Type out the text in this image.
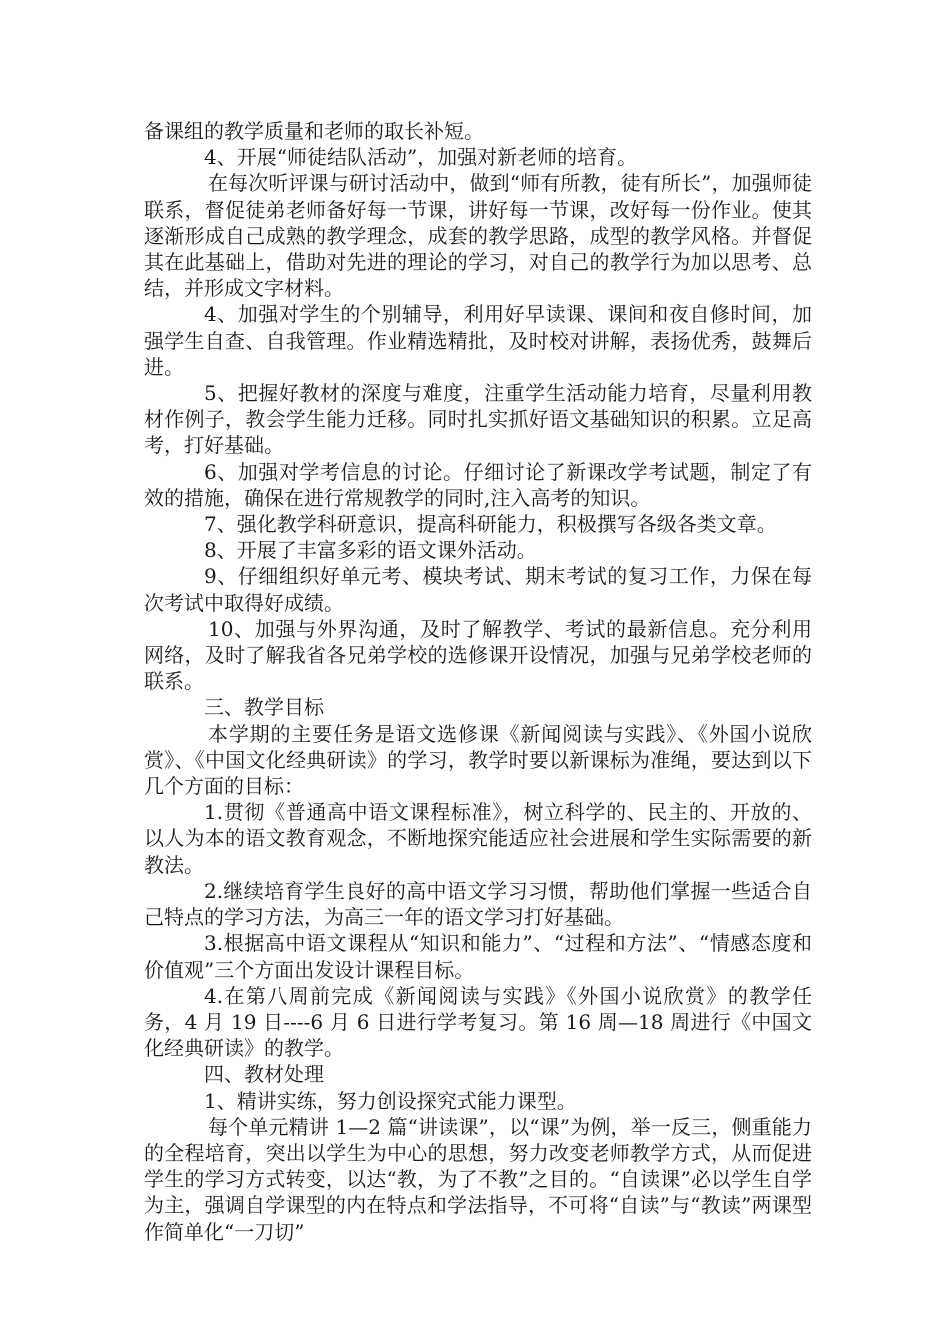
备课组的教学质量和老师的取长补短。

4、开展“师徒结队活动”，加强对新老师的培育。

在每次听评课与研讨活动中，做到“师有所教，徒有所长”，加强师徒联系，督促徒弟老师备好每一节课，讲好每一节课，改好每一份作业。使其逐渐形成自己成熟的教学理念，成套的教学思路，成型的教学风格。并督促其在此基础上，借助对先进的理论的学习，对自己的教学行为加以思考、总结，并形成文字材料。

4、加强对学生的个别辅导，利用好早读课、课间和夜自修时间，加强学生自查、自我管理。作业精选精批，及时校对讲解，表扬优秀，鼓舞后进。

5、把握好教材的深度与难度，注重学生活动能力培育，尽量利用教材作例子，教会学生能力迁移。同时扎实抓好语文基础知识的积累。立足高考，打好基础。

6、加强对学考信息的讨论。仔细讨论了新课改学考试题，制定了有效的措施，确保在进行常规教学的同时,注入高考的知识。

7、强化教学科研意识，提高科研能力，积极撰写各级各类文章。

8、开展了丰富多彩的语文课外活动。

9、仔细组织好单元考、模块考试、期末考试的复习工作，力保在每次考试中取得好成绩。

10、加强与外界沟通，及时了解教学、考试的最新信息。充分利用网络，及时了解我省各兄弟学校的选修课开设情况，加强与兄弟学校老师的联系。

三、教学目标

本学期的主要任务是语文选修课《新闻阅读与实践》、《外国小说欣赏》、《中国文化经典研读》的学习，教学时要以新课标为准绳，要达到以下几个方面的目标：

1.贯彻《普通高中语文课程标准》，树立科学的、民主的、开放的、以人为本的语文教育观念，不断地探究能适应社会进展和学生实际需要的新教法。

2.继续培育学生良好的高中语文学习习惯，帮助他们掌握一些适合自己特点的学习方法，为高三一年的语文学习打好基础。

3.根据高中语文课程从“知识和能力”、“过程和方法”、“情感态度和价值观”三个方面出发设计课程目标。

4.在第八周前完成《新闻阅读与实践》《外国小说欣赏》的教学任务，4 月 19 日----6 月 6 日进行学考复习。第 16 周—18 周进行《中国文化经典研读》的教学。

四、教材处理

1、精讲实练，努力创设探究式能力课型。

每个单元精讲 1—2 篇“讲读课”，以“课”为例，举一反三，侧重能力的全程培育，突出以学生为中心的思想，努力改变老师教学方式，从而促进学生的学习方式转变，以达“教，为了不教”之目的。“自读课”必以学生自学为主，强调自学课型的内在特点和学法指导，不可将“自读”与“教读”两课型作简单化“一刀切”
